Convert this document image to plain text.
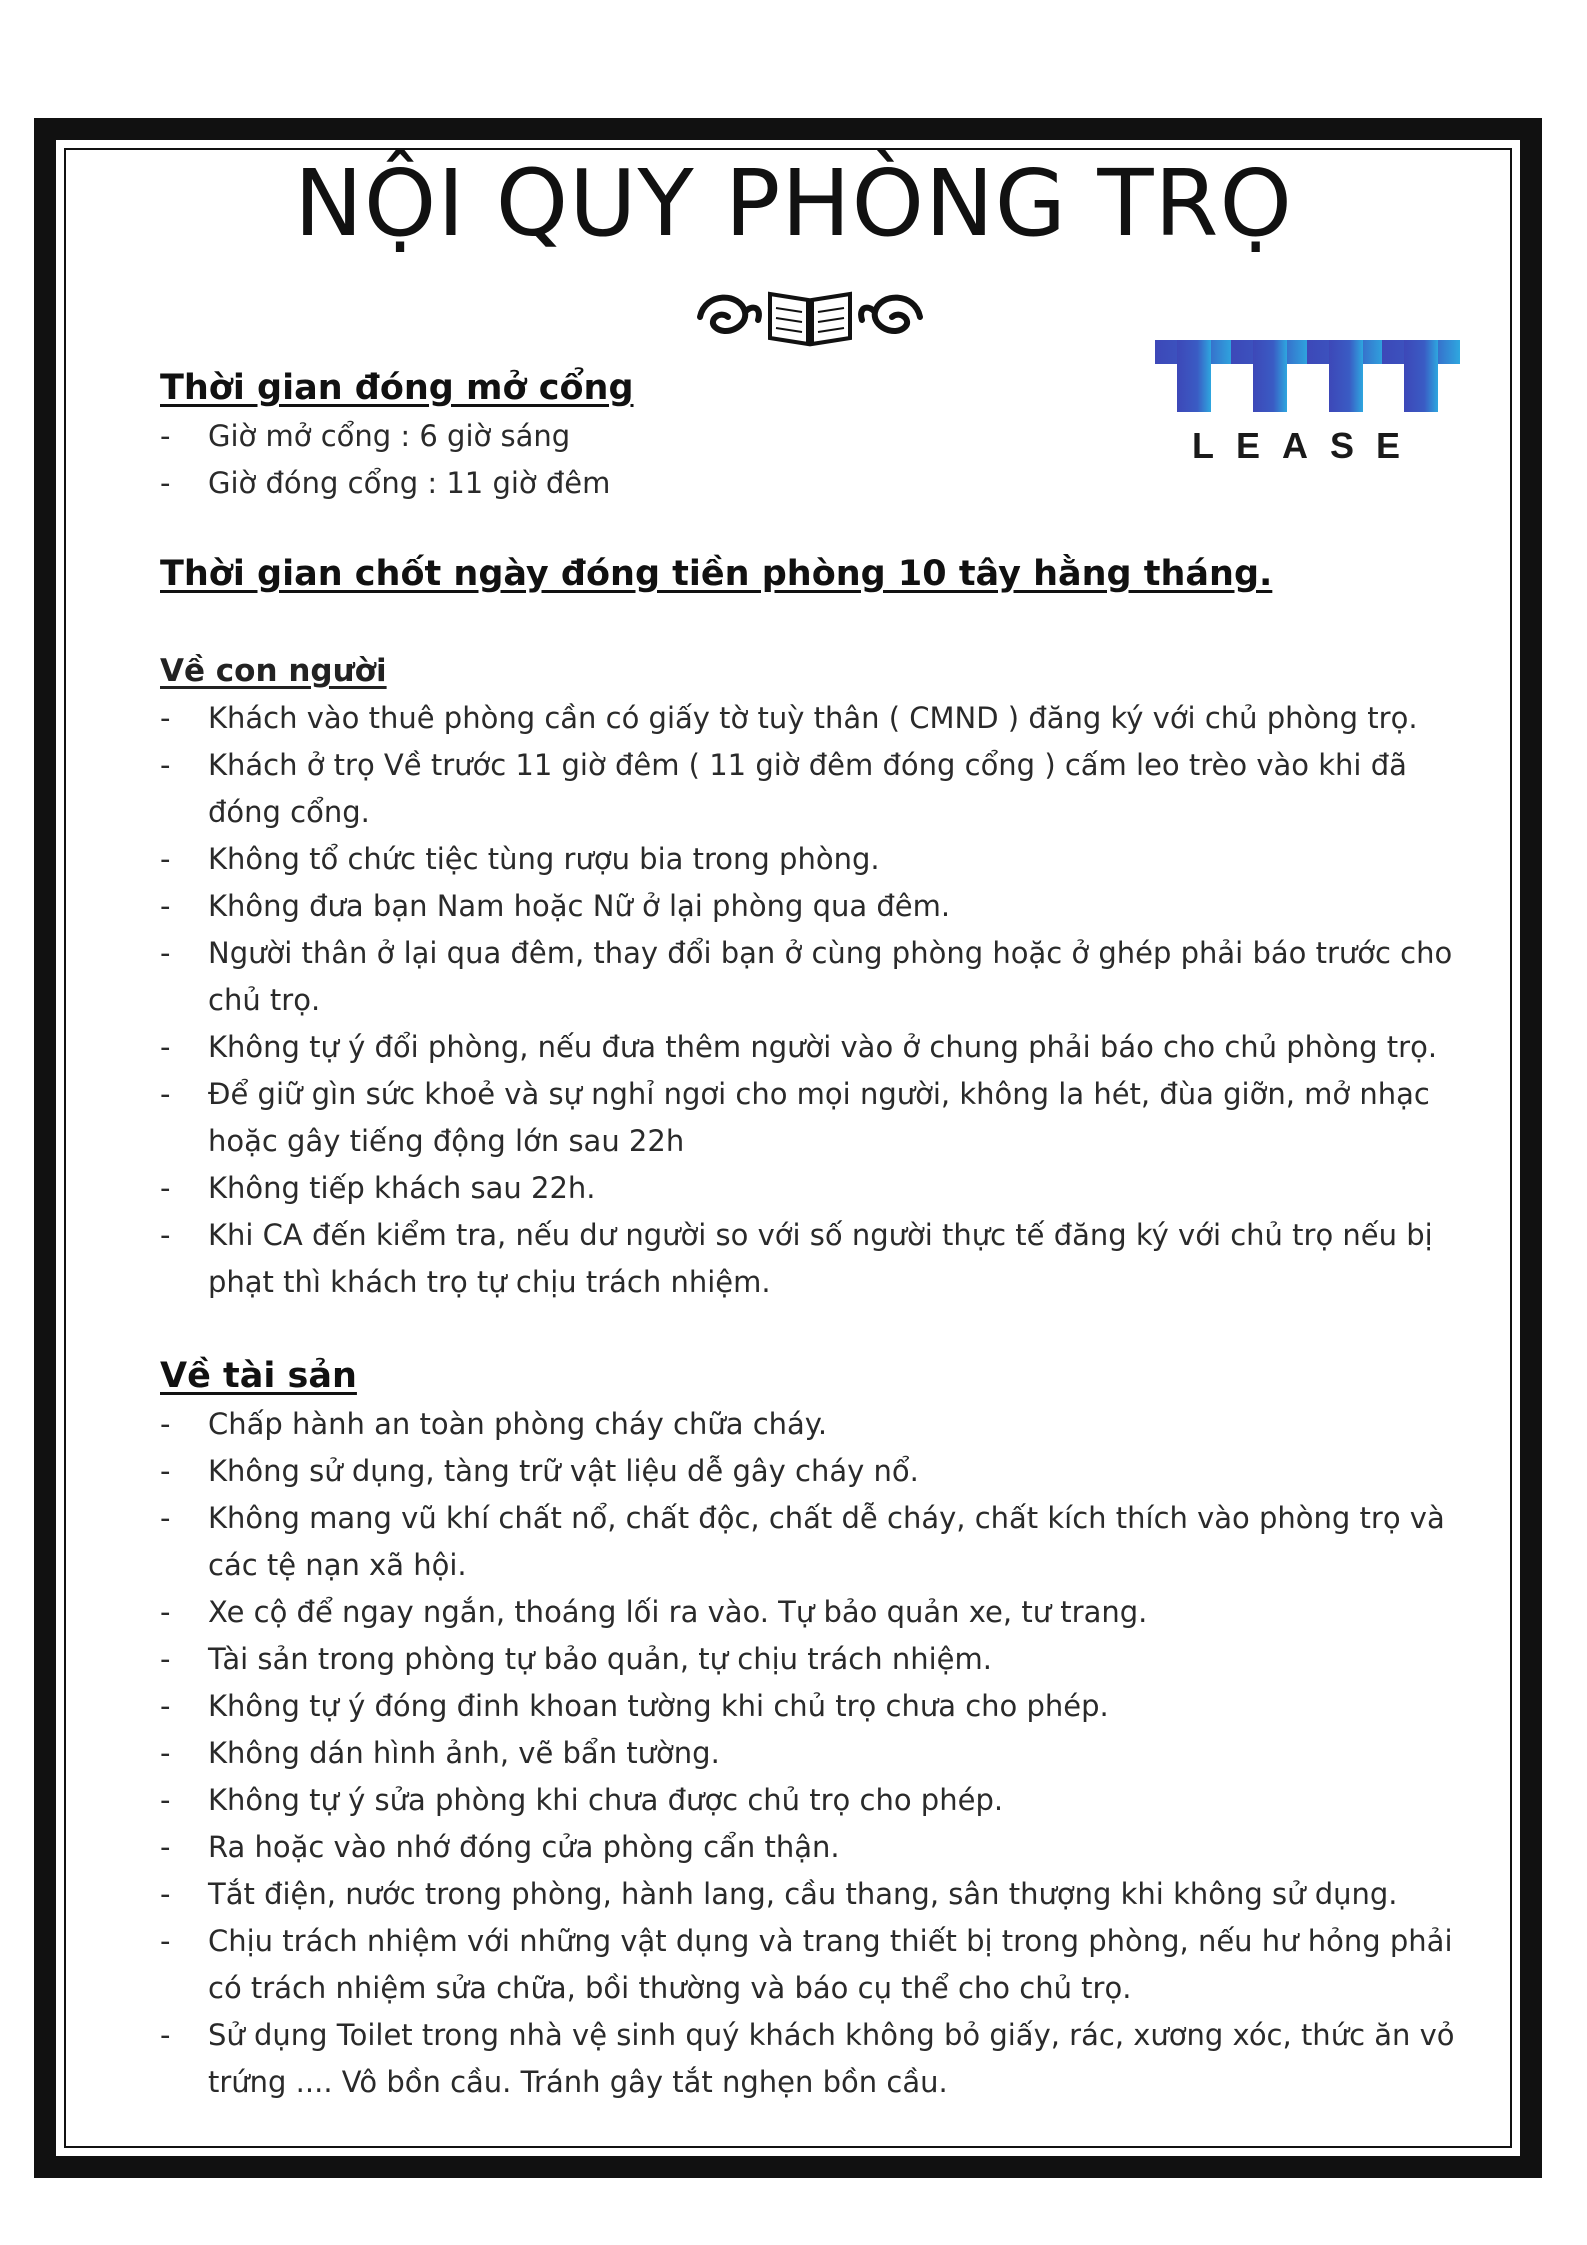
NỘI QUY PHÒNG TRỌ
LEASE
Thời gian đóng mở cổng
- Giờ mở cổng : 6 giờ sáng
- Giờ đóng cổng : 11 giờ đêm
Thời gian chốt ngày đóng tiền phòng 10 tây hằng tháng.
Về con người
- Khách vào thuê phòng cần có giấy tờ tuỳ thân ( CMND ) đăng ký với chủ phòng trọ.
- Khách ở trọ Về trước 11 giờ đêm ( 11 giờ đêm đóng cổng ) cấm leo trèo vào khi đã đóng cổng.
- Không tổ chức tiệc tùng rượu bia trong phòng.
- Không đưa bạn Nam hoặc Nữ ở lại phòng qua đêm.
- Người thân ở lại qua đêm, thay đổi bạn ở cùng phòng hoặc ở ghép phải báo trước cho chủ trọ.
- Không tự ý đổi phòng, nếu đưa thêm người vào ở chung phải báo cho chủ phòng trọ.
- Để giữ gìn sức khoẻ và sự nghỉ ngơi cho mọi người, không la hét, đùa giỡn, mở nhạc hoặc gây tiếng động lớn sau 22h
- Không tiếp khách sau 22h.
- Khi CA đến kiểm tra, nếu dư người so với số người thực tế đăng ký với chủ trọ nếu bị phạt thì khách trọ tự chịu trách nhiệm.
Về tài sản
- Chấp hành an toàn phòng cháy chữa cháy.
- Không sử dụng, tàng trữ vật liệu dễ gây cháy nổ.
- Không mang vũ khí chất nổ, chất độc, chất dễ cháy, chất kích thích vào phòng trọ và các tệ nạn xã hội.
- Xe cộ để ngay ngắn, thoáng lối ra vào. Tự bảo quản xe, tư trang.
- Tài sản trong phòng tự bảo quản, tự chịu trách nhiệm.
- Không tự ý đóng đinh khoan tường khi chủ trọ chưa cho phép.
- Không dán hình ảnh, vẽ bẩn tường.
- Không tự ý sửa phòng khi chưa được chủ trọ cho phép.
- Ra hoặc vào nhớ đóng cửa phòng cẩn thận.
- Tắt điện, nước trong phòng, hành lang, cầu thang, sân thượng khi không sử dụng.
- Chịu trách nhiệm với những vật dụng và trang thiết bị trong phòng, nếu hư hỏng phải có trách nhiệm sửa chữa, bồi thường và báo cụ thể cho chủ trọ.
- Sử dụng Toilet trong nhà vệ sinh quý khách không bỏ giấy, rác, xương xóc, thức ăn vỏ trứng .... Vô bồn cầu. Tránh gây tắt nghẹn bồn cầu.
